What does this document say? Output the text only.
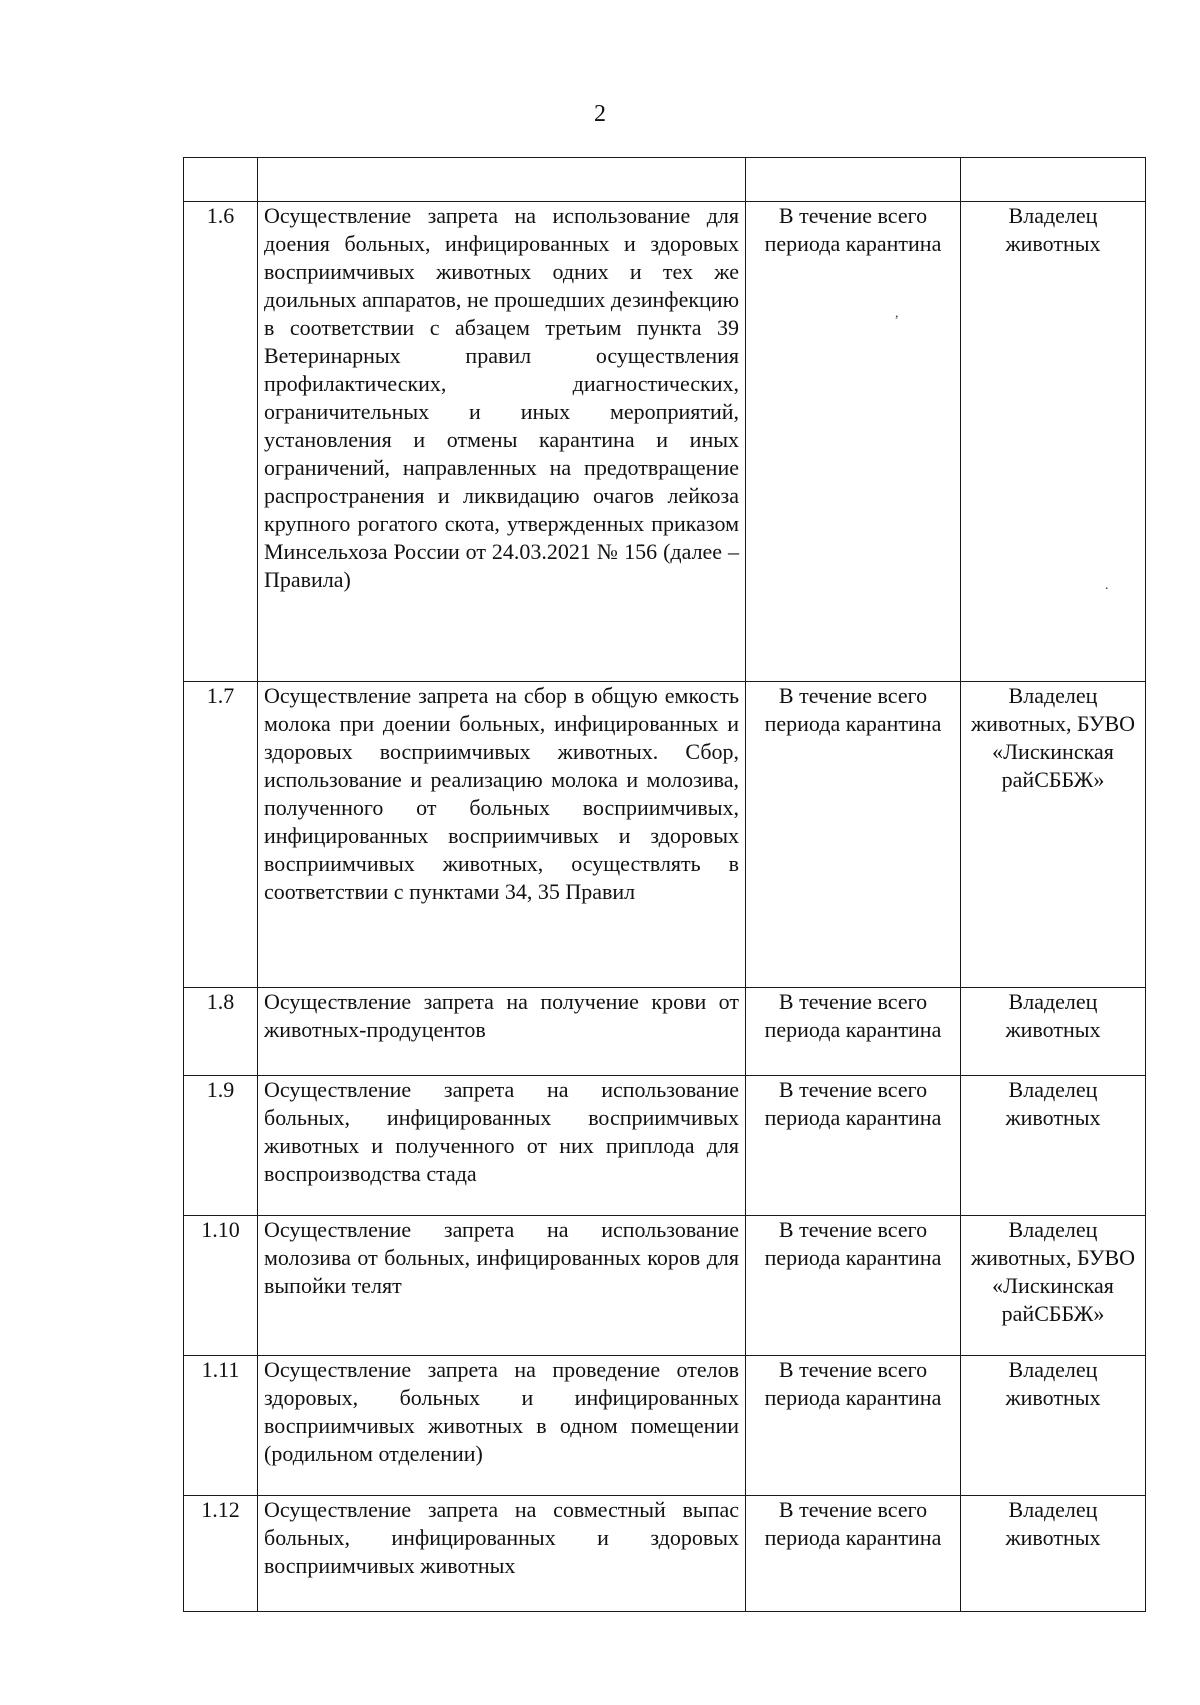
2

1.6	Осуществление запрета на использование для доения больных, инфицированных и здоровых восприимчивых животных одних и тех же доильных аппаратов, не прошедших дезинфекцию в соответствии с абзацем третьим пункта 39 Ветеринарных правил осуществления профилактических, диагностических, ограничительных и иных мероприятий, установления и отмены карантина и иных ограничений, направленных на предотвращение распространения и ликвидацию очагов лейкоза крупного рогатого скота, утвержденных приказом Минсельхоза России от 24.03.2021 № 156 (далее – Правила)	В течение всего периода карантина	Владелец животных
1.7	Осуществление запрета на сбор в общую емкость молока при доении больных, инфицированных и здоровых восприимчивых животных. Сбор, использование и реализацию молока и молозива, полученного от больных восприимчивых, инфицированных восприимчивых и здоровых восприимчивых животных, осуществлять в соответствии с пунктами 34, 35 Правил	В течение всего периода карантина	Владелец животных, БУВО «Лискинская райСББЖ»
1.8	Осуществление запрета на получение крови от животных-продуцентов	В течение всего периода карантина	Владелец животных
1.9	Осуществление запрета на использование больных, инфицированных восприимчивых животных и полученного от них приплода для воспроизводства стада	В течение всего периода карантина	Владелец животных
1.10	Осуществление запрета на использование молозива от больных, инфицированных коров для выпойки телят	В течение всего периода карантина	Владелец животных, БУВО «Лискинская райСББЖ»
1.11	Осуществление запрета на проведение отелов здоровых, больных и инфицированных восприимчивых животных в одном помещении (родильном отделении)	В течение всего периода карантина	Владелец животных
1.12	Осуществление запрета на совместный выпас больных, инфицированных и здоровых восприимчивых животных	В течение всего периода карантина	Владелец животных
,
.
